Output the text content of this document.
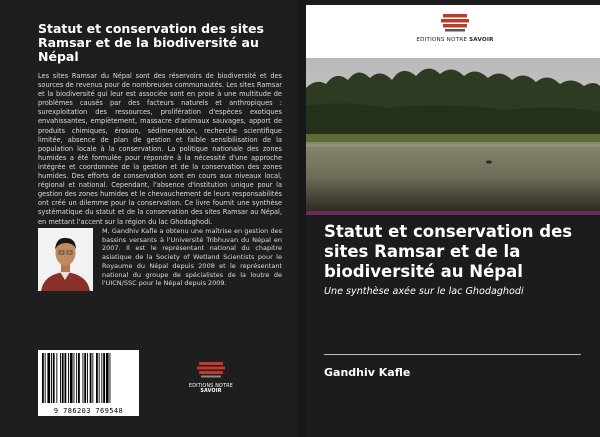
Statut et conservation des sites Ramsar et de la biodiversité au Népal
Les sites Ramsar du Népal sont des réservoirs de biodiversité et des sources de revenus pour de nombreuses communautés. Les sites Ramsar et la biodiversité qui leur est associée sont en proie à une multitude de problèmes causés par des facteurs naturels et anthropiques : surexploitation des ressources, prolifération d'espèces exotiques envahissantes, empiètement, massacre d'animaux sauvages, apport de produits chimiques, érosion, sédimentation, recherche scientifique limitée, absence de plan de gestion et faible sensibilisation de la population locale à la conservation. La politique nationale des zones humides a été formulée pour répondre à la nécessité d'une approche intégrée et coordonnée de la gestion et de la conservation des zones humides. Des efforts de conservation sont en cours aux niveaux local, régional et national. Cependant, l'absence d'institution unique pour la gestion des zones humides et le chevauchement de leurs responsabilités ont créé un dilemme pour la conservation. Ce livre fournit une synthèse systématique du statut et de la conservation des sites Ramsar au Népal, en mettant l'accent sur la région du lac Ghodaghodi.
M. Gandhiv Kafle a obtenu une maîtrise en gestion des bassins versants à l'Université Tribhuvan du Népal en 2007. Il est le représentant national du chapitre asiatique de la Society of Wetland Scientists pour le Royaume du Népal depuis 2008 et le représentant national du groupe de spécialistes de la loutre de l'UICN/SSC pour le Népal depuis 2009.
9 786203 769548
EDITIONS NOTRE SAVOIR
EDITIONS NOTRE SAVOIR
Statut et conservation des sites Ramsar et de la biodiversité au Népal
Une synthèse axée sur le lac Ghodaghodi
Gandhiv Kafle
